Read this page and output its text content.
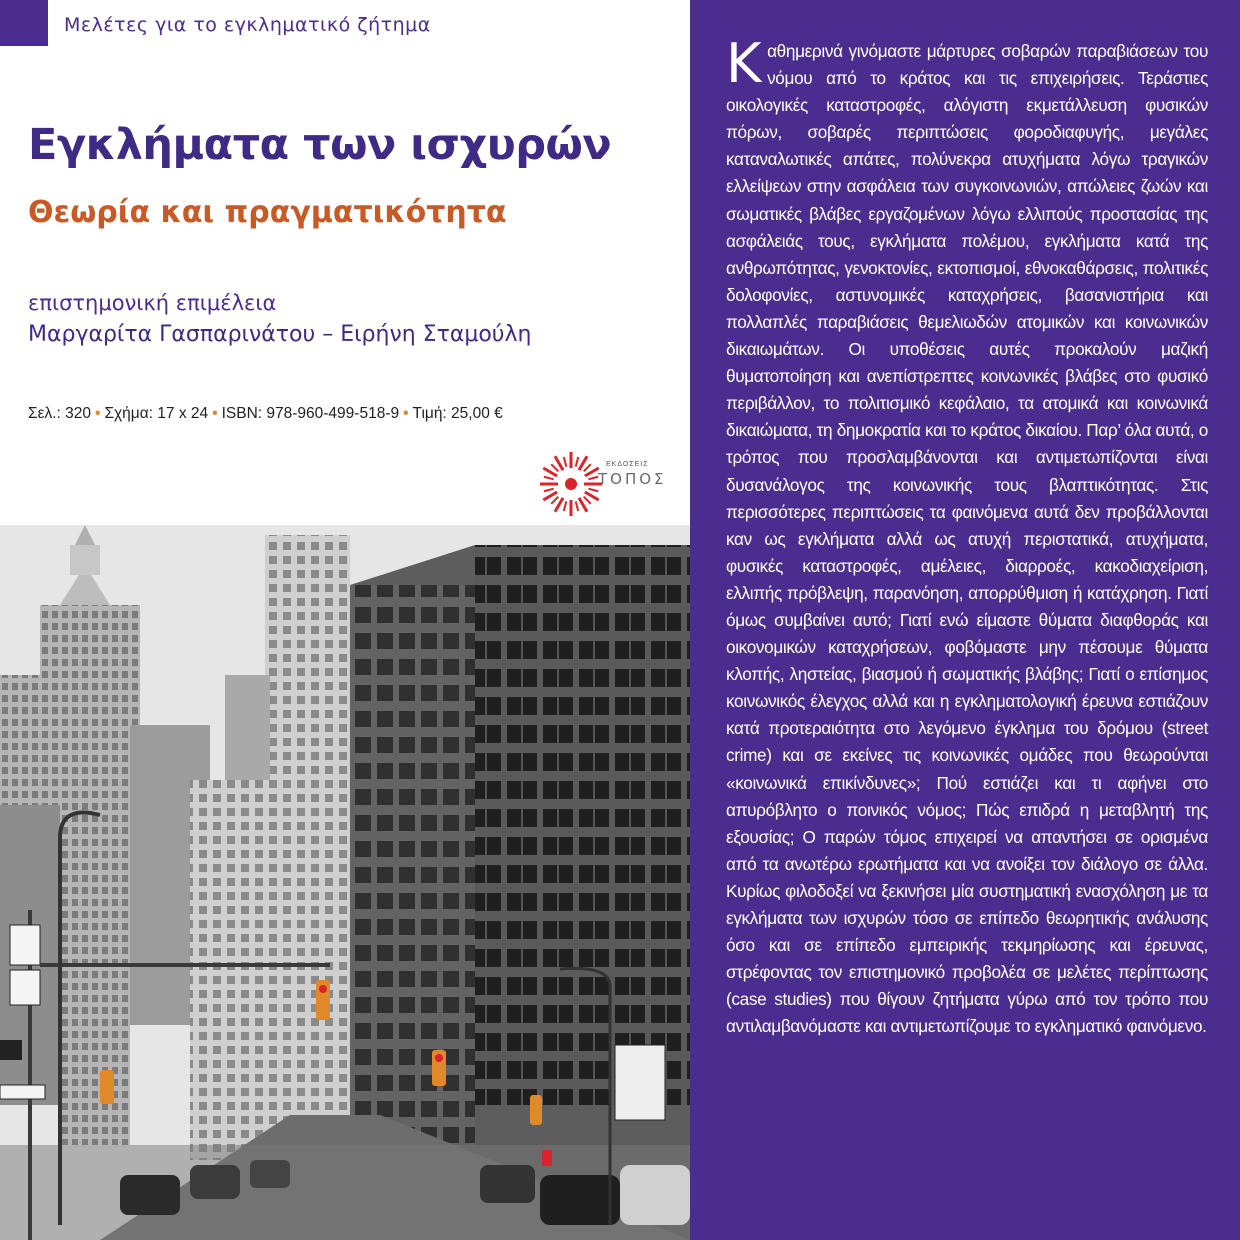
Μελέτες για το εγκληματικό ζήτημα
Εγκλήματα των ισχυρών
Θεωρία και πραγματικότητα
επιστημονική επιμέλεια
Μαργαρίτα Γασπαρινάτου – Ειρήνη Σταμούλη
Σελ.: 320 • Σχήμα: 17 x 24 • ISBN: 978-960-499-518-9 • Τιμή: 25,00 €
ΕΚΔΟΣΕΙΣ
ΤΟΠΟΣ
Καθημερινά γινόμαστε μάρτυρες σοβαρών παραβιάσεων του νόμου από το κράτος και τις επιχειρήσεις. Τεράστιες οικολογικές καταστροφές, αλόγιστη εκμετάλλευση φυσικών πόρων, σοβαρές περιπτώσεις φοροδιαφυγής, μεγάλες καταναλωτικές απάτες, πολύνεκρα ατυχήματα λόγω τραγικών ελλείψεων στην ασφάλεια των συγκοινωνιών, απώλειες ζωών και σωματικές βλάβες εργαζομένων λόγω ελλιπούς προστασίας της ασφάλειάς τους, εγκλήματα πολέμου, εγκλήματα κατά της ανθρωπότητας, γενοκτονίες, εκτοπισμοί, εθνοκαθάρσεις, πολιτικές δολοφονίες, αστυνομικές καταχρήσεις, βασανιστήρια και πολλαπλές παραβιάσεις θεμελιωδών ατομικών και κοινωνικών δικαιωμάτων. Οι υποθέσεις αυτές προκαλούν μαζική θυματοποίηση και ανεπίστρεπτες κοινωνικές βλάβες στο φυσικό περιβάλλον, το πολιτισμικό κεφάλαιο, τα ατομικά και κοινωνικά δικαιώματα, τη δημοκρατία και το κράτος δικαίου. Παρ’ όλα αυτά, ο τρόπος που προσλαμβάνονται και αντιμετωπίζονται είναι δυσανάλογος της κοινωνικής τους βλαπτικότητας. Στις περισσότερες περιπτώσεις τα φαινόμενα αυτά δεν προβάλλονται καν ως εγκλήματα αλλά ως ατυχή περιστατικά, ατυχήματα, φυσικές καταστροφές, αμέλειες, διαρροές, κακοδιαχείριση, ελλιπής πρόβλεψη, παρανόηση, απορρύθμιση ή κατάχρηση. Γιατί όμως συμβαίνει αυτό; Γιατί ενώ είμαστε θύματα διαφθοράς και οικονομικών καταχρήσεων, φοβόμαστε μην πέσουμε θύματα κλοπής, ληστείας, βιασμού ή σωματικής βλάβης; Γιατί ο επίσημος κοινωνικός έλεγχος αλλά και η εγκληματολογική έρευνα εστιάζουν κατά προτεραιότητα στο λεγόμενο έγκλημα του δρόμου (street crime) και σε εκείνες τις κοινωνικές ομάδες που θεωρούνται «κοινωνικά επικίνδυνες»; Πού εστιάζει και τι αφήνει στο απυρόβλητο ο ποινικός νόμος; Πώς επιδρά η μεταβλητή της εξουσίας; Ο παρών τόμος επιχειρεί να απαντήσει σε ορισμένα από τα ανωτέρω ερωτήματα και να ανοίξει τον διάλογο σε άλλα. Κυρίως φιλοδοξεί να ξεκινήσει μία συστηματική ενασχόληση με τα εγκλήματα των ισχυρών τόσο σε επίπεδο θεωρητικής ανάλυσης όσο και σε επίπεδο εμπειρικής τεκμηρίωσης και έρευνας, στρέφοντας τον επιστημονικό προβολέα σε μελέτες περίπτωσης (case studies) που θίγουν ζητήματα γύρω από τον τρόπο που αντιλαμβανόμαστε και αντιμετωπίζουμε το εγκληματικό φαινόμενο.
